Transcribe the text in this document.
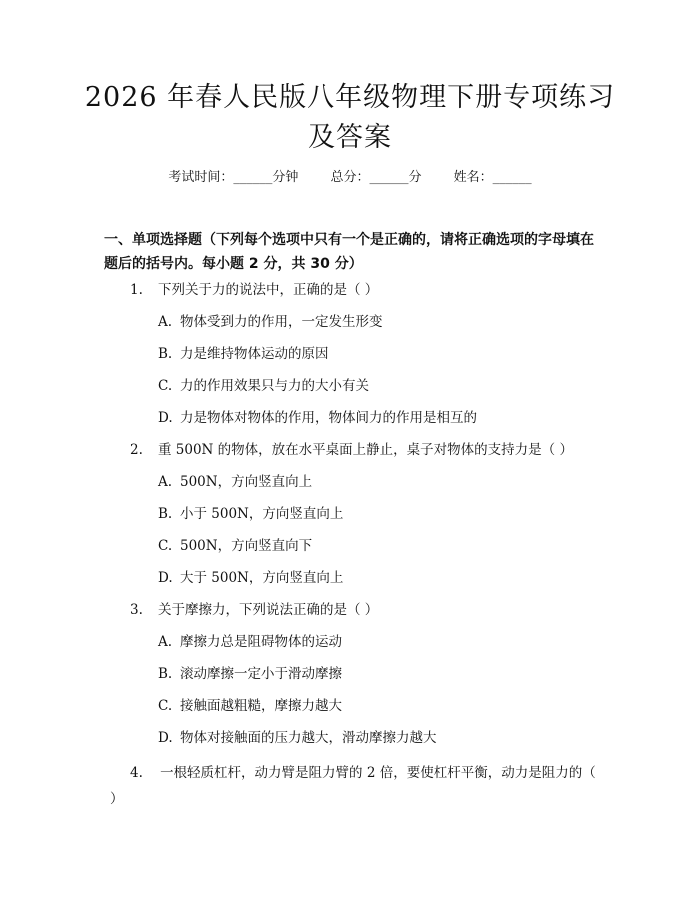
2026 年春人民版八年级物理下册专项练习及答案
考试时间：______分钟 总分：______分 姓名：______
一、单项选择题（下列每个选项中只有一个是正确的，请将正确选项的字母填在题后的括号内。每小题 2 分，共 30 分）
1. 下列关于力的说法中，正确的是（ ）
A. 物体受到力的作用，一定发生形变
B. 力是维持物体运动的原因
C. 力的作用效果只与力的大小有关
D. 力是物体对物体的作用，物体间力的作用是相互的
2. 重 500N 的物体，放在水平桌面上静止，桌子对物体的支持力是（ ）
A. 500N，方向竖直向上
B. 小于 500N，方向竖直向上
C. 500N，方向竖直向下
D. 大于 500N，方向竖直向上
3. 关于摩擦力，下列说法正确的是（ ）
A. 摩擦力总是阻碍物体的运动
B. 滚动摩擦一定小于滑动摩擦
C. 接触面越粗糙，摩擦力越大
D. 物体对接触面的压力越大，滑动摩擦力越大
4. 一根轻质杠杆，动力臂是阻力臂的 2 倍，要使杠杆平衡，动力是阻力的（ ）
